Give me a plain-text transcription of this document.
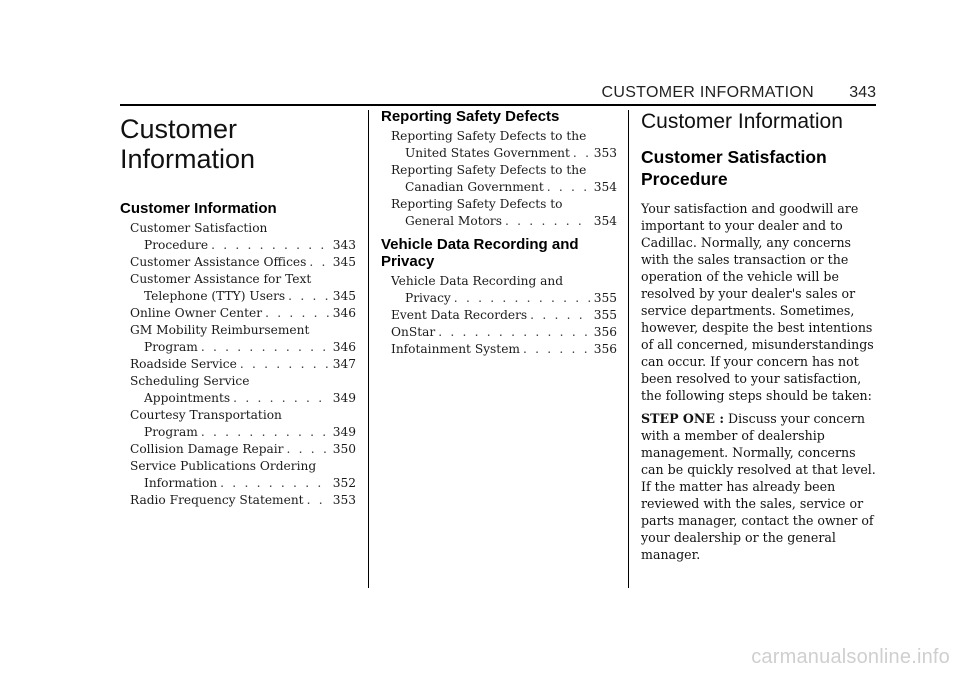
CUSTOMER INFORMATION 343
Customer
Information
Customer Information
Customer Satisfaction
Procedure . . .	343
Customer Assistance Offices . . . 345
Customer Assistance for Text
Telephone (TTY) Users . . .	345
Online Owner Center . . .	346
GM Mobility Reimbursement
Program . . .	346
Roadside Service . . .	347
Scheduling Service
Appointments . . .	349
Courtesy Transportation
Program . . .	349
Collision Damage Repair . . .	350
Service Publications Ordering
Information . . .	352
Radio Frequency Statement . . . 353
Reporting Safety Defects
Reporting Safety Defects to the
United States Government . . . 353
Reporting Safety Defects to the
Canadian Government . . .	354
Reporting Safety Defects to
General Motors . . .	354
Vehicle Data Recording and
Privacy
Vehicle Data Recording and
Privacy . . .	355
Event Data Recorders . . .	355
OnStar . . .	356
Infotainment System . . .	356
Customer Information
Customer Satisfaction
Procedure

Your satisfaction and goodwill are important to your dealer and to Cadillac. Normally, any concerns with the sales transaction or the operation of the vehicle will be resolved by your dealer's sales or service departments. Sometimes, however, despite the best intentions of all concerned, misunderstandings can occur. If your concern has not been resolved to your satisfaction, the following steps should be taken:

STEP ONE : Discuss your concern with a member of dealership management. Normally, concerns can be quickly resolved at that level. If the matter has already been reviewed with the sales, service or parts manager, contact the owner of your dealership or the general manager.

carmanualsonline.info
